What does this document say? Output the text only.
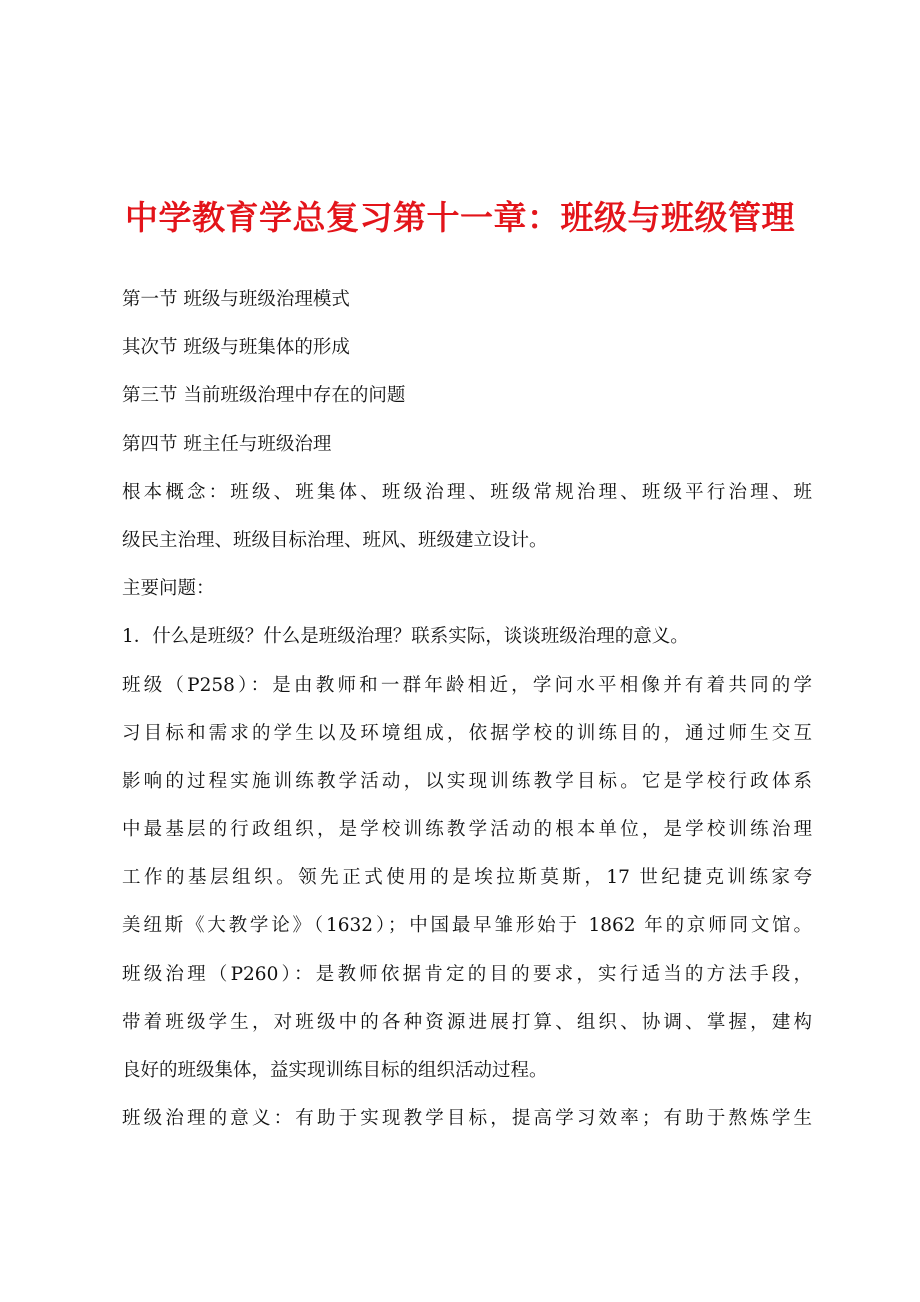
中学教育学总复习第十一章：班级与班级管理
第一节 班级与班级治理模式
其次节 班级与班集体的形成
第三节 当前班级治理中存在的问题
第四节 班主任与班级治理
根本概念：班级、班集体、班级治理、班级常规治理、班级平行治理、班
级民主治理、班级目标治理、班风、班级建立设计。
主要问题：
1．什么是班级？什么是班级治理？联系实际，谈谈班级治理的意义。
班级（P258）：是由教师和一群年龄相近，学问水平相像并有着共同的学
习目标和需求的学生以及环境组成，依据学校的训练目的，通过师生交互
影响的过程实施训练教学活动，以实现训练教学目标。它是学校行政体系
中最基层的行政组织，是学校训练教学活动的根本单位，是学校训练治理
工作的基层组织。领先正式使用的是埃拉斯莫斯，17 世纪捷克训练家夸
美纽斯《大教学论》（1632）；中国最早雏形始于 1862 年的京师同文馆。
班级治理（P260）：是教师依据肯定的目的要求，实行适当的方法手段，
带着班级学生，对班级中的各种资源进展打算、组织、协调、掌握，建构
良好的班级集体，益实现训练目标的组织活动过程。
班级治理的意义：有助于实现教学目标，提高学习效率；有助于熬炼学生
